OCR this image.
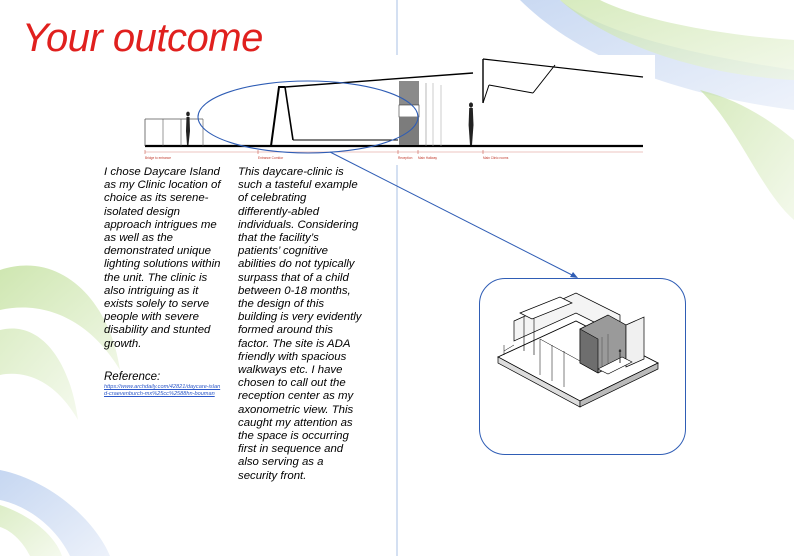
Your outcome
Bridge to entrance	Entrance Corridor	Reception Main Hallway	Main Clinic rooms
I chose Daycare Island as my Clinic location of choice as its serene-isolated design approach intrigues me as well as the demonstrated unique lighting solutions within the unit. The clinic is also intriguing as it exists solely to serve people with severe disability and stunted growth.
This daycare-clinic is such a tasteful example of celebrating differently-abled individuals. Considering that the facility’s patients’ cognitive abilities do not typically surpass that of a child between 0-18 months, the design of this building is very evidently formed around this factor. The site is ADA friendly with spacious walkways etc. I have chosen to call out the reception center as my axonometric view. This caught my attention as the space is occurring first in sequence and also serving as a security front.
Reference:
https://www.archdaily.com/42821/daycare-island-craevenburch-mx%25cc%2588hn-bouman
